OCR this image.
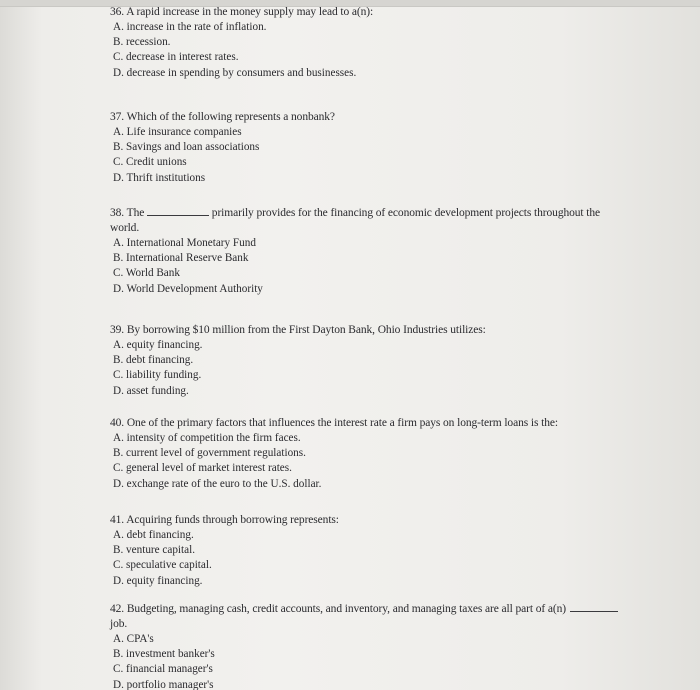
36. A rapid increase in the money supply may lead to a(n):
A. increase in the rate of inflation.
B. recession.
C. decrease in interest rates.
D. decrease in spending by consumers and businesses.
37. Which of the following represents a nonbank?
A. Life insurance companies
B. Savings and loan associations
C. Credit unions
D. Thrift institutions
38. The	primarily provides for the financing of economic development projects throughout the
world.
A. International Monetary Fund
B. International Reserve Bank
C. World Bank
D. World Development Authority
39. By borrowing $10 million from the First Dayton Bank, Ohio Industries utilizes:
A. equity financing.
B. debt financing.
C. liability funding.
D. asset funding.
40. One of the primary factors that influences the interest rate a firm pays on long-term loans is the:
A. intensity of competition the firm faces.
B. current level of government regulations.
C. general level of market interest rates.
D. exchange rate of the euro to the U.S. dollar.
41. Acquiring funds through borrowing represents:
A. debt financing.
B. venture capital.
C. speculative capital.
D. equity financing.
42. Budgeting, managing cash, credit accounts, and inventory, and managing taxes are all part of a(n)
job.
A. CPA's
B. investment banker's
C. financial manager's
D. portfolio manager's
